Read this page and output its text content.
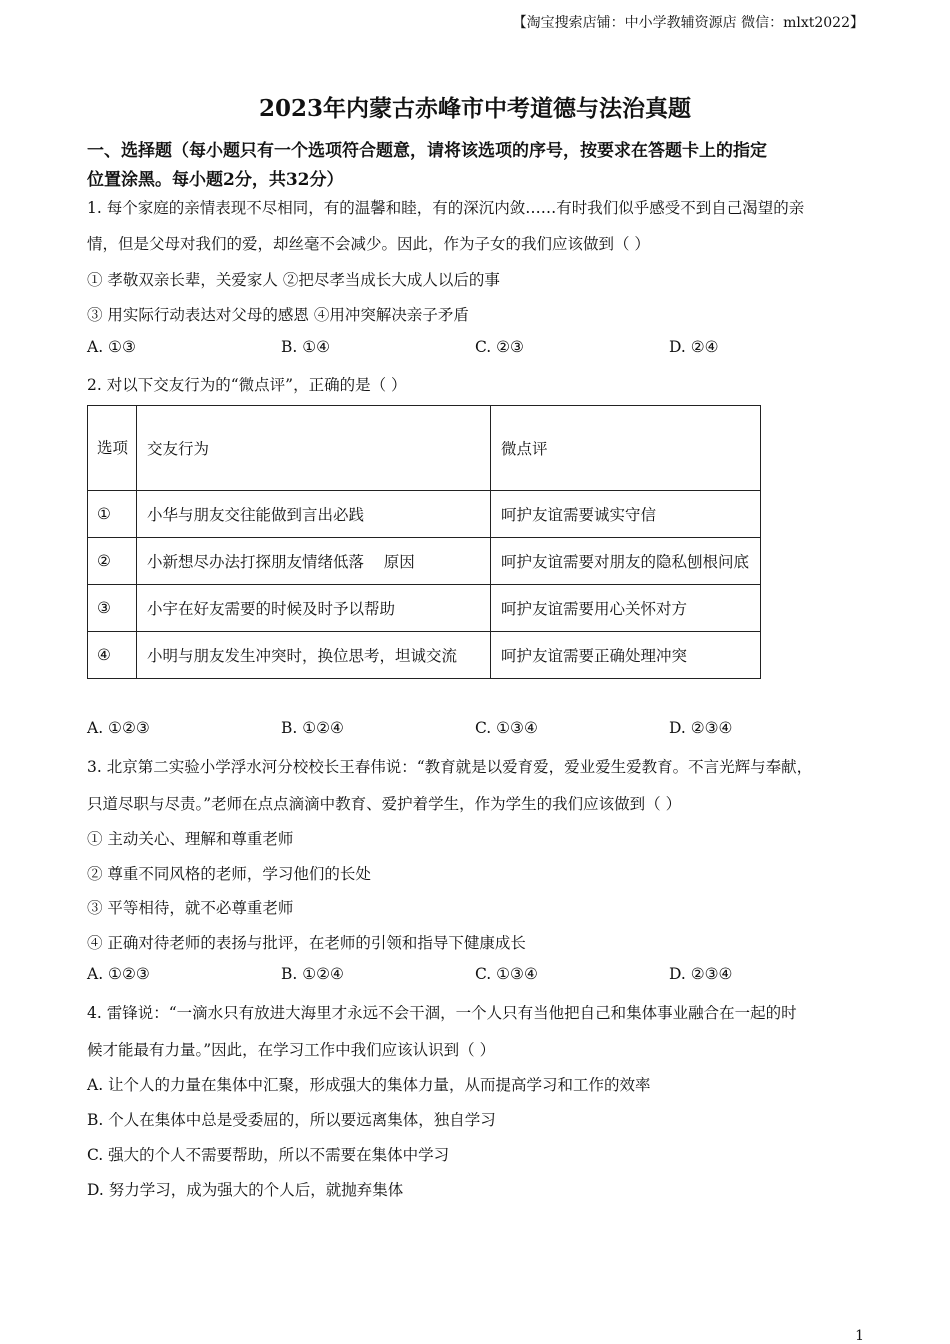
【淘宝搜索店铺：中小学教辅资源店 微信：mlxt2022】
2023年内蒙古赤峰市中考道德与法治真题
一、选择题（每小题只有一个选项符合题意，请将该选项的序号，按要求在答题卡上的指定
位置涂黑。每小题2分，共32分）
1. 每个家庭的亲情表现不尽相同，有的温馨和睦，有的深沉内敛……有时我们似乎感受不到自己渴望的亲
情，但是父母对我们的爱，却丝毫不会减少。因此，作为子女的我们应该做到（ ）
① 孝敬双亲长辈，关爱家人 ②把尽孝当成长大成人以后的事
③ 用实际行动表达对父母的感恩 ④用冲突解决亲子矛盾
A. ①③	B. ①④	C. ②③	D. ②④
2. 对以下交友行为的“微点评”，正确的是（ ）
选项	交友行为	微点评
①	小华与朋友交往能做到言出必践	呵护友谊需要诚实守信
②	小新想尽办法打探朋友情绪低落    原因	呵护友谊需要对朋友的隐私刨根问底
③	小宇在好友需要的时候及时予以帮助	呵护友谊需要用心关怀对方
④	小明与朋友发生冲突时，换位思考，坦诚交流	呵护友谊需要正确处理冲突
A. ①②③	B. ①②④	C. ①③④	D. ②③④
3. 北京第二实验小学浮水河分校校长王春伟说：“教育就是以爱育爱，爱业爱生爱教育。不言光辉与奉献，
只道尽职与尽责。”老师在点点滴滴中教育、爱护着学生，作为学生的我们应该做到（ ）
① 主动关心、理解和尊重老师
② 尊重不同风格的老师，学习他们的长处
③ 平等相待，就不必尊重老师
④ 正确对待老师的表扬与批评，在老师的引领和指导下健康成长
A. ①②③	B. ①②④	C. ①③④	D. ②③④
4. 雷锋说：“一滴水只有放进大海里才永远不会干涸，一个人只有当他把自己和集体事业融合在一起的时
候才能最有力量。”因此，在学习工作中我们应该认识到（ ）
A. 让个人的力量在集体中汇聚，形成强大的集体力量，从而提高学习和工作的效率
B. 个人在集体中总是受委屈的，所以要远离集体，独自学习
C. 强大的个人不需要帮助，所以不需要在集体中学习
D. 努力学习，成为强大的个人后，就抛弃集体
1
